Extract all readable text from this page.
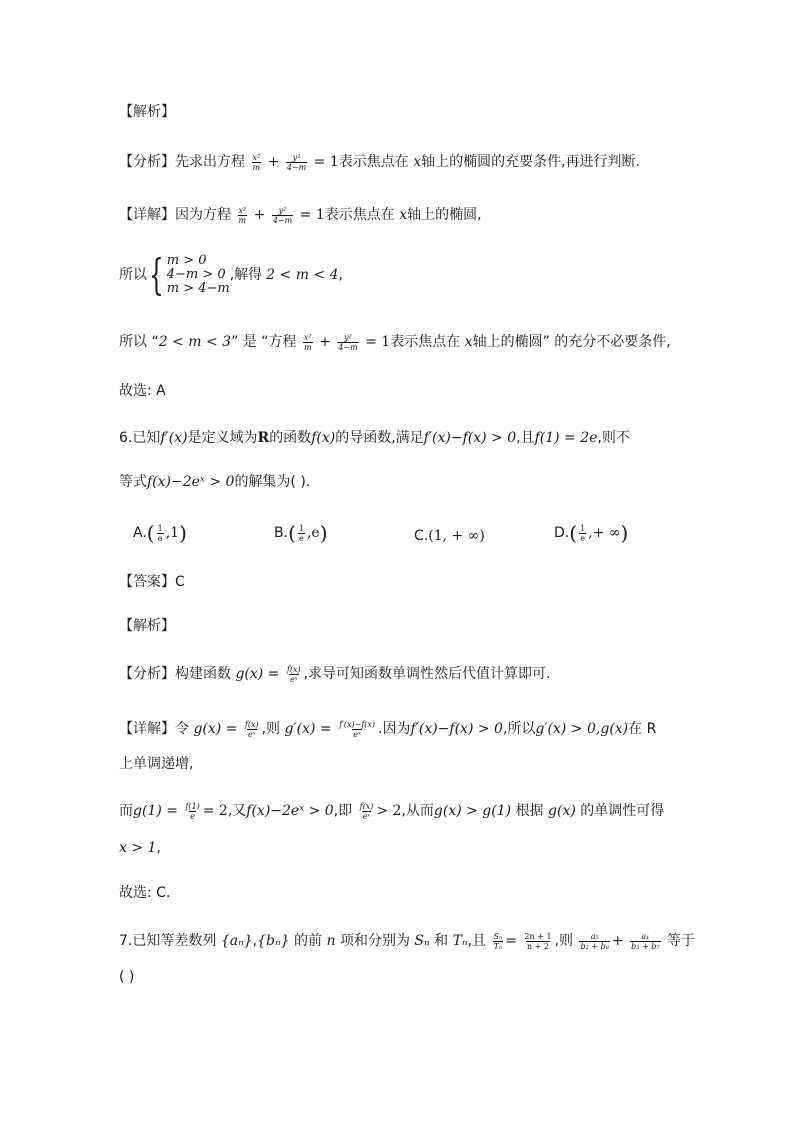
【解析】
【分析】先求出方程 $\frac{\text{x²}}{m} + \frac{\text{y²}}{4-m} = 1$表示焦点在 x轴上的椭圆的充要条件,再进行判断.
【详解】因为方程 $\frac{\text{x²}}{m} + \frac{\text{y²}}{4-m} = 1$表示焦点在 x轴上的椭圆,
所以 { m > 0
4−m > 0
m > 4−m
,解得 2 < m < 4 ,
所以 “2 < m < 3” 是 “方程 $\frac{\text{x²}}{m} + \frac{\text{y²}}{4-m} = 1$表示焦点在 x轴上的椭圆” 的充分不必要条件,
故选: A
6.已知f′(x)是定义域为R的函数f(x)的导函数,满足f′(x)−f(x) > 0,且f(1) = 2e,则不
等式f(x)−2eˣ > 0的解集为( ).
$A.( \frac{1}{e} ,1)$	$B.( \frac{1}{e} ,e)$	C.(1, + ∞)	$D.( \frac{1}{e}$ ,+ ∞)
【答案】C
【解析】
【分析】构建函数 $g(x) = \frac{f(x)}{\text{eˣ}}$ ,求导可知函数单调性然后代值计算即可.
【详解】令 $g(x) = \frac{f(x)}{\text{eˣ}}$ ,则 $g'(x) = \frac{f'(x)-f(x)}{\text{eˣ}}$ .因为f′(x)−f(x) > 0,所以g′(x) > 0,g(x)在 R
上单调递增,
而$g(1) = \frac{f(1)}{e} = 2$,又f(x)−2eˣ > 0,即 $\frac{f(x)}{\text{eˣ}} > 2$,从而g(x) > g(1) 根据 g(x) 的单调性可得
x > 1,
故选: C.
7.已知等差数列 {aₙ},{bₙ} 的前 n 项和分别为 Sₙ 和 Tₙ,且 $\frac{\text{Sₙ}}{\text{Tₙ}} = \frac{2n + 1}{n + 2}$ ,则 $\frac{\text{a₅}}{\text{b₂ + b₈}} + \frac{\text{a₁}}{\text{b₃ + b₇}}$ 等于
( )
